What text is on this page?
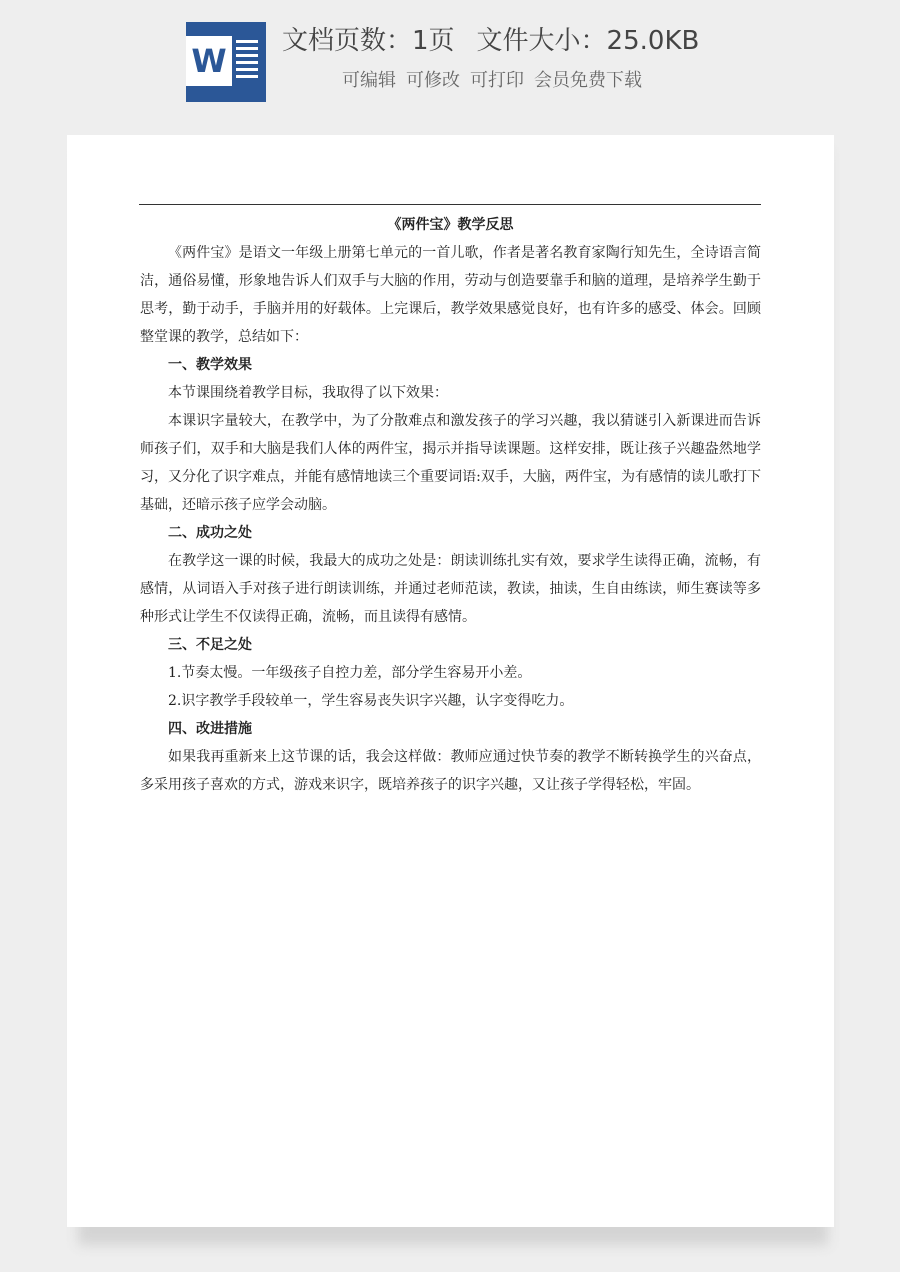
W
文档页数：1页 文件大小：25.0KB
可编辑 可修改 可打印 会员免费下载

《两件宝》教学反思

《两件宝》是语文一年级上册第七单元的一首儿歌，作者是著名教育家陶行知先生，全诗语言简洁，通俗易懂，形象地告诉人们双手与大脑的作用，劳动与创造要靠手和脑的道理，是培养学生勤于思考，勤于动手，手脑并用的好载体。上完课后，教学效果感觉良好，也有许多的感受、体会。回顾整堂课的教学，总结如下：

一、教学效果

本节课围绕着教学目标，我取得了以下效果：

本课识字量较大，在教学中，为了分散难点和激发孩子的学习兴趣，我以猜谜引入新课进而告诉师孩子们，双手和大脑是我们人体的两件宝，揭示并指导读课题。这样安排，既让孩子兴趣盎然地学习，又分化了识字难点，并能有感情地读三个重要词语:双手，大脑，两件宝，为有感情的读儿歌打下基础，还暗示孩子应学会动脑。

二、成功之处

在教学这一课的时候，我最大的成功之处是：朗读训练扎实有效，要求学生读得正确，流畅，有感情，从词语入手对孩子进行朗读训练，并通过老师范读，教读，抽读，生自由练读，师生赛读等多种形式让学生不仅读得正确，流畅，而且读得有感情。

三、不足之处

1.节奏太慢。一年级孩子自控力差，部分学生容易开小差。

2.识字教学手段较单一，学生容易丧失识字兴趣，认字变得吃力。

四、改进措施

如果我再重新来上这节课的话，我会这样做：教师应通过快节奏的教学不断转换学生的兴奋点，多采用孩子喜欢的方式，游戏来识字，既培养孩子的识字兴趣，又让孩子学得轻松，牢固。
